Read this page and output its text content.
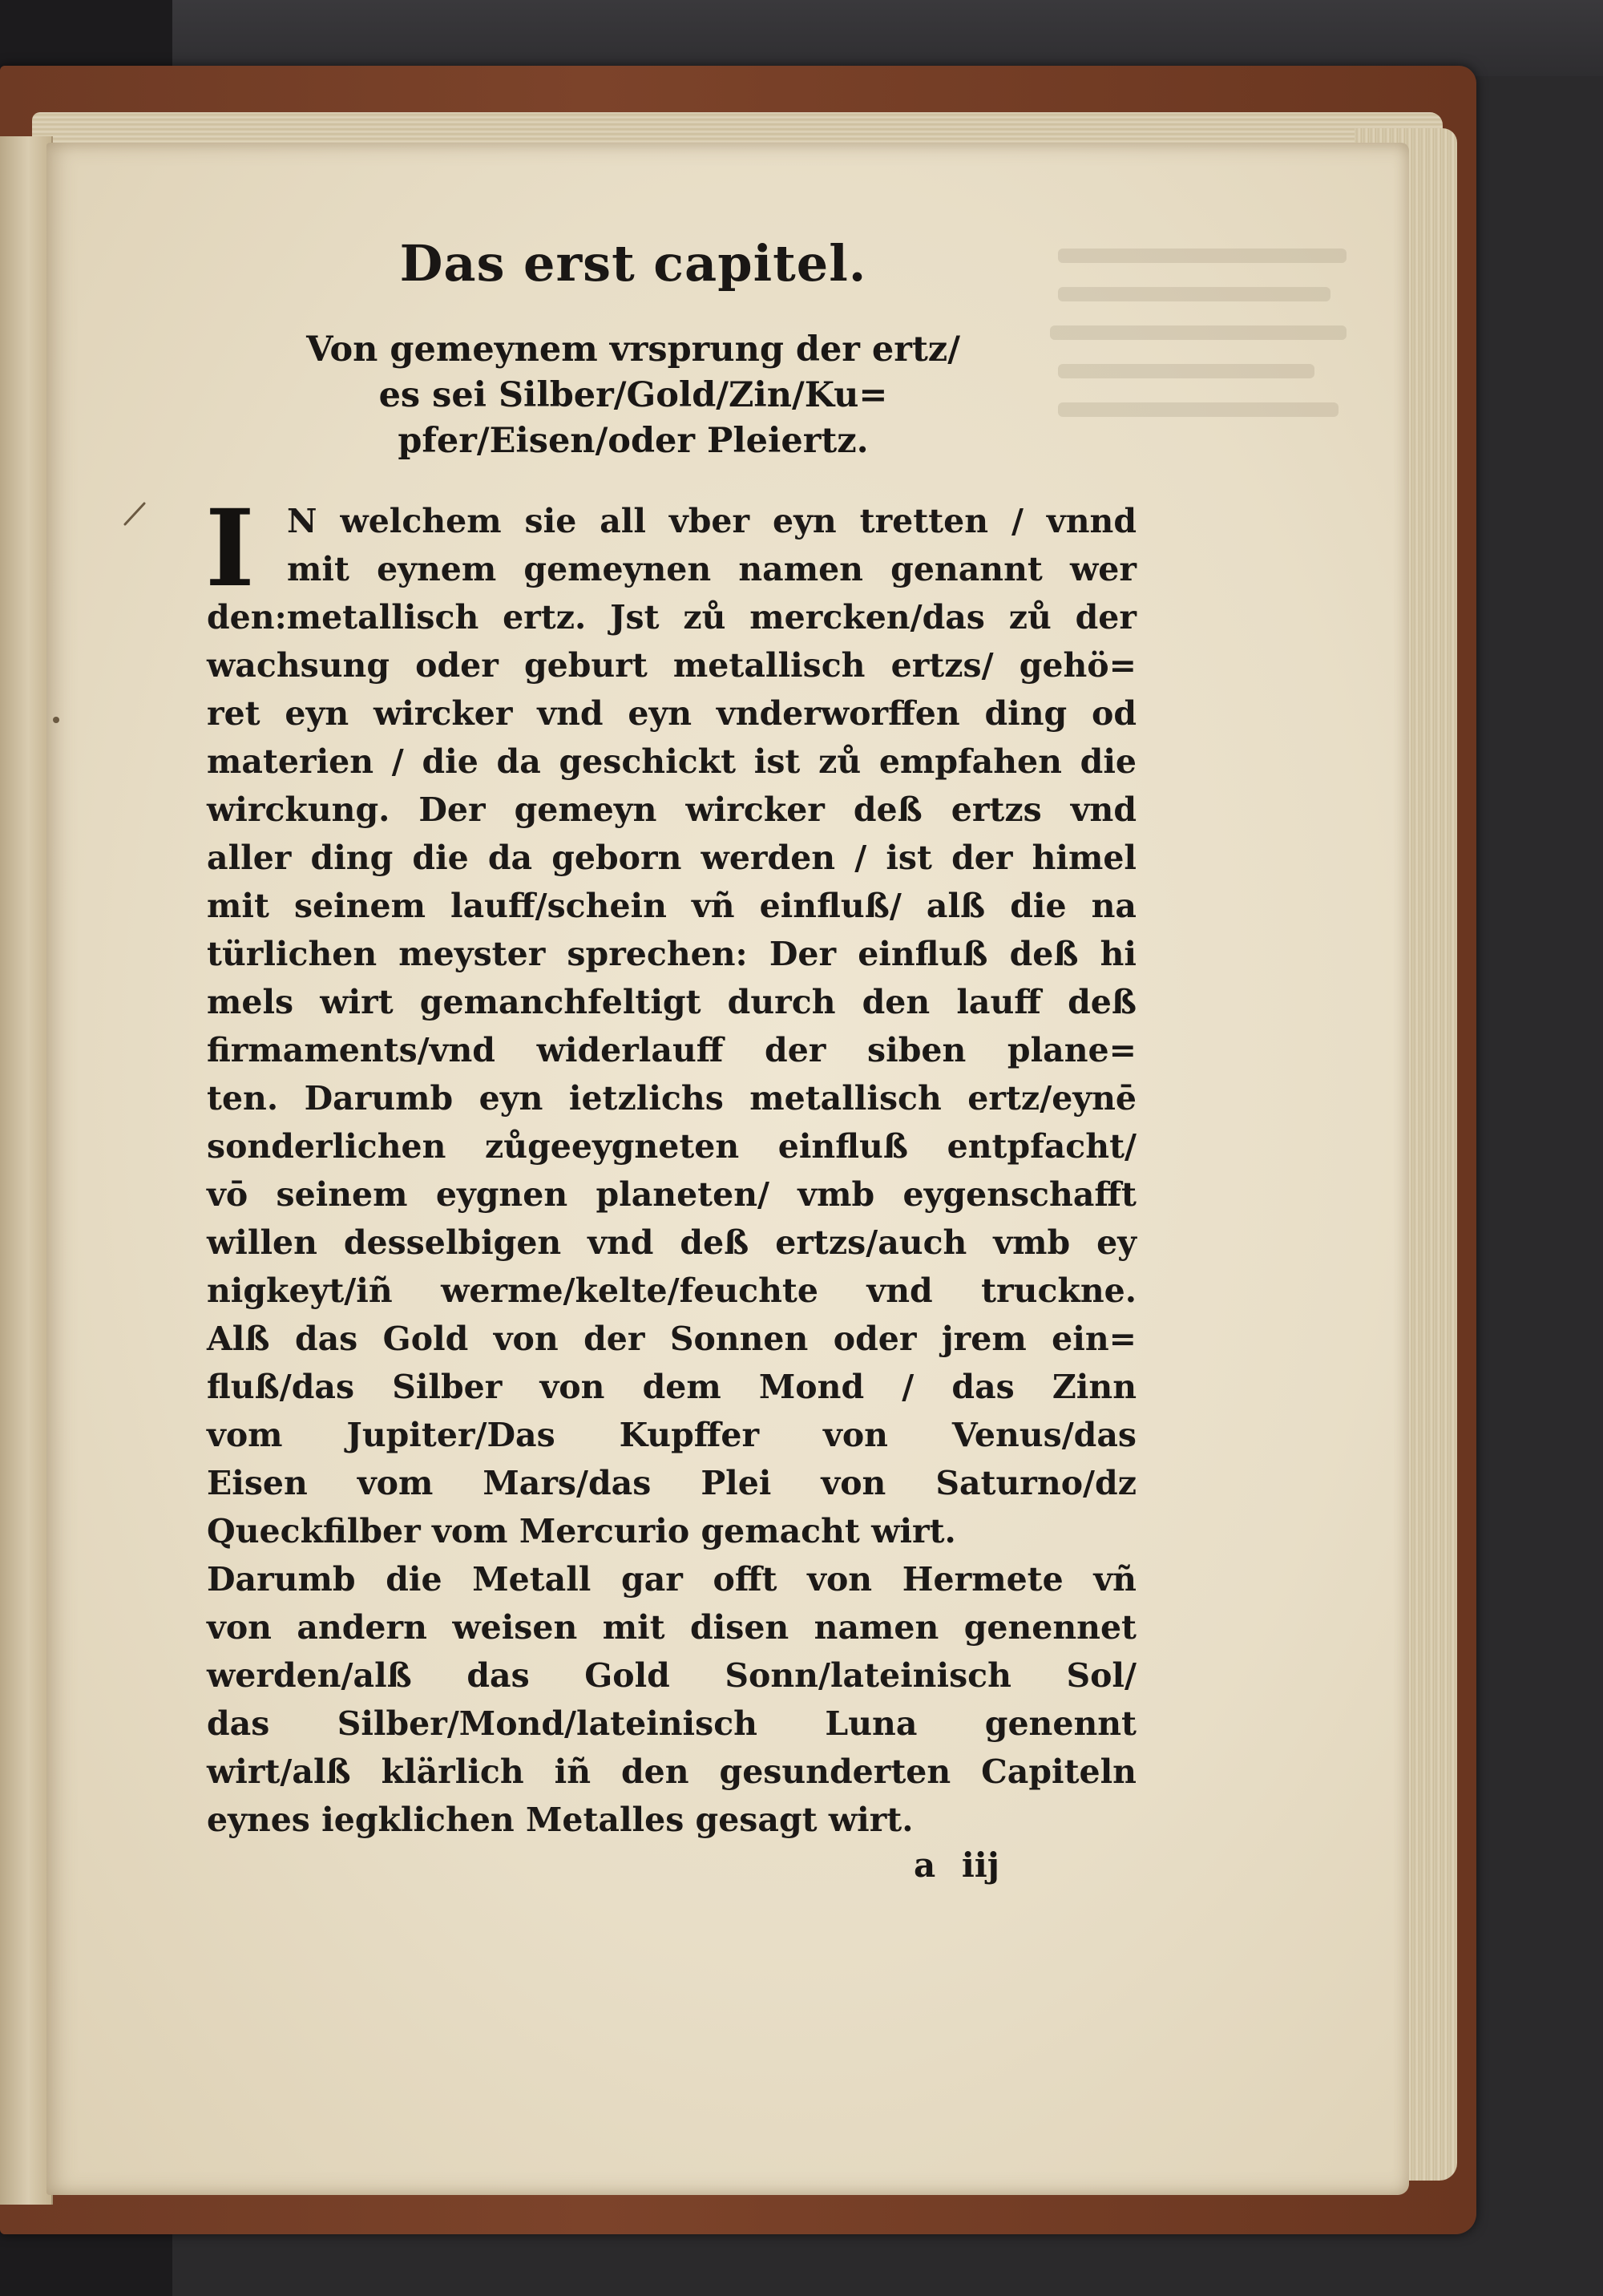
Das erst capitel.
Von gemeynem vrsprung der ertz/
es sei Silber/Gold/Zin/Ku=
pfer/Eisen/oder Pleiertz.
I N welchem sie all vber eyn tretten / vnnd
mit eynem gemeynen namen genannt wer
den:metallisch ertz. Jst zů mercken/das zů der
wachsung oder geburt metallisch ertzs/ gehö=
ret eyn wircker vnd eyn vnderworffen ding od
materien / die da geschickt ist zů empfahen die
wirckung. Der gemeyn wircker deß ertzs vnd
aller ding die da geborn werden / ist der himel
mit seinem lauff/schein vñ einfluß/ alß die na
türlichen meyster sprechen: Der einfluß deß hi
mels wirt gemanchfeltigt durch den lauff deß
firmaments/vnd widerlauff der siben plane=
ten. Darumb eyn ietzlichs metallisch ertz/eynē
sonderlichen zůgeeygneten einfluß entpfacht/
vō seinem eygnen planeten/ vmb eygenschafft
willen desselbigen vnd deß ertzs/auch vmb ey
nigkeyt/iñ werme/kelte/feuchte vnd truckne.
Alß das Gold von der Sonnen oder jrem ein=
fluß/das Silber von dem Mond / das Zinn
vom Jupiter/Das Kupffer von Venus/das
Eisen vom Mars/das Plei von Saturno/dz
Queckfilber vom Mercurio gemacht wirt.
Darumb die Metall gar offt von Hermete vñ
von andern weisen mit disen namen genennet
werden/alß das Gold Sonn/lateinisch Sol/
das Silber/Mond/lateinisch Luna genennt
wirt/alß klärlich iñ den gesunderten Capiteln
eynes iegklichen Metalles gesagt wirt.
a iij
